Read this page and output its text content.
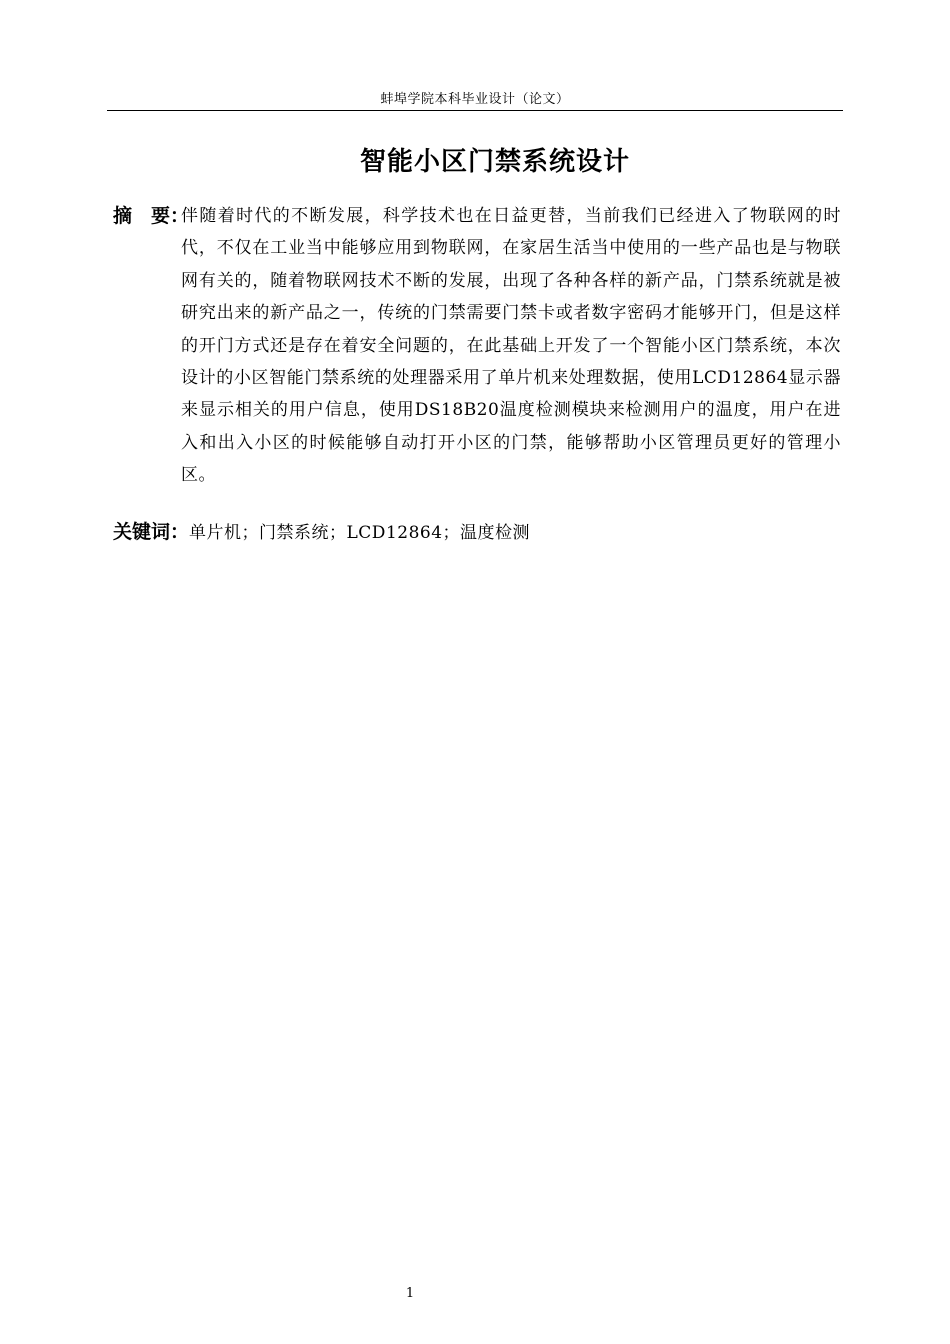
蚌埠学院本科毕业设计（论文）
智能小区门禁系统设计
摘　要：
伴随着时代的不断发展，科学技术也在日益更替，当前我们已经进入了物联网的时代，不仅在工业当中能够应用到物联网，在家居生活当中使用的一些产品也是与物联网有关的，随着物联网技术不断的发展，出现了各种各样的新产品，门禁系统就是被研究出来的新产品之一，传统的门禁需要门禁卡或者数字密码才能够开门，但是这样的开门方式还是存在着安全问题的，在此基础上开发了一个智能小区门禁系统，本次设计的小区智能门禁系统的处理器采用了单片机来处理数据，使用LCD12864显示器来显示相关的用户信息，使用DS18B20温度检测模块来检测用户的温度，用户在进入和出入小区的时候能够自动打开小区的门禁，能够帮助小区管理员更好的管理小区。
关键词：单片机；门禁系统；LCD12864；温度检测
1
